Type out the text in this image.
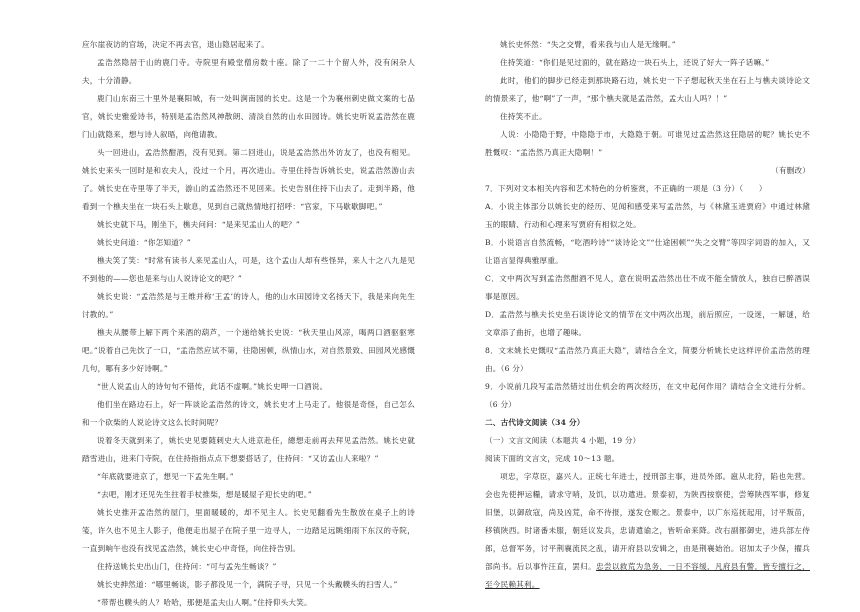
应尔崖夜访的官场，决定不再去官，退山隐居起来了。

孟浩然隐居于山的鹿门寺。寺院里有殿堂僧房数十座。除了一二十个留人外，没有闲杂人夫，十分清静。

鹿门山东南三十里外是襄阳城，有一处叫涧南园的长史。这是一个为襄州刺史做文案的七品官，姚长史雅爱诗书，特别是孟浩然风神散朗、清淡自然的山水田园诗。姚长史听说孟浩然在鹿门山就隐来，想与诗人叙晤，向他请教。

头一回进山，孟浩然酣酒，没有见到。第二回进山，说是孟浩然出外访友了，也没有相见。姚长史来头一回时是和农夫人，没过一个月，再次进山。寺里住持告诉姚长史，说孟浩然游山去了。姚长史在寺里等了半天，游山的孟浩然还不见回来。长史告别住持下山去了。走到半路，他看到一个樵夫坐在一块石头上歇息，见到自己就热情地打招呼：“官家，下马歇歇脚吧。”

姚长史就下马，刚坐下，樵夫问问：“是来见孟山人的吧？”

姚长史问道：“你怎知道？”

樵夫笑了笑：“时常有读书人来见孟山人，可是，这个孟山人却有些怪异，来人十之八九是见不到他的——您也是来与山人说诗论文的吧？”

姚长史说：“孟浩然是与王维并称‘王孟’的诗人，他的山水田园诗文名扬天下，我是来向先生讨教的。”

樵夫从腰带上解下两个来酒的葫芦，一个递给姚长史说：“秋天里山风凉，喝两口酒驱驱寒吧。”说着自己先饮了一口，“孟浩然应试不第，往隐困顿，纵情山水，对自然景致、田园风光感慨几句，哪有多少好诗啊。”

“世人说孟山人的诗句句不错传，此话不虚啊。”姚长史呷一口酒说。

他们坐在路边石上，好一阵谈论孟浩然的诗文，姚长史才上马走了。他很是奇怪，自己怎么和一个砍柴的人说论诗文这么长时间呢？

说着冬天就到来了，姚长史见要随刺史大人进京赴任，總想走前再去拜见孟浩然。姚长史就踏雪进山，进来门寺院，在住持指指点点下想要搭话了，住持问：“又访孟山人来啦？”

“年底就要进京了，想见一下孟先生啊。”

“去吧，刚才还见先生拄着手杖推柴，想是暖屋子迎长史的吧。”

姚长史推开孟浩然的屋门，里面暖暖的，却不见主人。长史见翻看先生散放在桌子上的诗笺，许久也不见主人影子，他便走出屋子在院子里一边寻人，一边踏足远眺细雨下东汉的寺院，一直到晌午也没有找见孟浩然，姚长史心中奇怪，向住持告别。

住持送姚长史出山门，住持问：“可与孟先生畅谈？”

姚长史抻然道：“哪里畅谈，影子都没见一个，满院子寻，只见一个头戴幞头的扫雪人。”

“带帮也幞头的人？哈哈，那便是孟夫山人啊。”住持仰头大笑。

姚长史怀然：“失之交臂，看来我与山人是无缘啊。”

住持笑道：“你们是见过面的，就在路边一块石头上，还说了好大一阵子话嘛。”

此时，他们的脚步已经走到那块路石边，姚长史一下子想起秋天坐在石上与樵夫谈诗论文的情景来了，他“啊”了一声，“那个樵夫就是孟浩然，孟大山人吗？！”

住持笑不止。

人说：小隐隐于野，中隐隐于市，大隐隐于朝。可谁见过孟浩然这狂隐居的呢？姚长史不胜慨叹：“孟浩然乃真正大隐啊！”

（有删改）

7．下列对文本相关内容和艺术特色的分析鉴赏，不正确的一项是（3 分）（　　）

A．小说主体部分以姚长史的经历、见闻和感受来写孟浩然，与《林黛玉进贾府》中通过林黛玉的眼睛、行动和心理来写贾府有相似之处。

B．小说语言自然流畅，“吃酒吟诗”“谈诗论文”“仕途困顿”“失之交臂”等四字词语的加入，又让语言显得典雅厚重。

C．文中两次写到孟浩然酣酒不见人，意在说明孟浩然出仕不成不能全情放人，独自已醉酒误事是原因。

D．孟浩然与樵夫长史坐石谈诗论文的情节在文中两次出现，前后照应，一设迷，一解谜，给文章添了曲折，也增了趣味。

8．文末姚长史慨叹“孟浩然乃真正大隐”，请结合全文，简要分析姚长史这样评价孟浩然的理由。（6 分）

9．小说前几段写孟浩然错过出仕机会的两次经历，在文中起何作用？请结合全文进行分析。（6 分）

二、古代诗文阅读（34 分）

（一）文言文阅读（本题共 4 小题，19 分）

阅读下面的文言文，完成 10～13 题。

项忠，字荩臣，嘉兴人。正统七年进士，授刑部主事，进员外郎。扈从北狩，陷也先营。会也先使押运糧，请求守哨，及饥，以功遣进。景泰初，为陕西按察使，尝筹陕西军事，修复旧堡，以御敌寇，尚及凶荒，命不待报，遂发仓赈之。景泰中，以广东巡抚起用，讨平叛苗，移镇陕西。时诸番未服，朝廷议发兵，忠请遣谕之，皆听命来降。改右副都御史，进兵部左侍郎，总督军务，讨平荆襄流民之乱，请开府县以安辑之，由是荆襄始治。诏加太子少保，擢兵部尚书。后以事忤汪直，罢归。忠尝以救荒为急务，一日不容缓，凡府县有警，皆专擅行之，至今民赖其利。
